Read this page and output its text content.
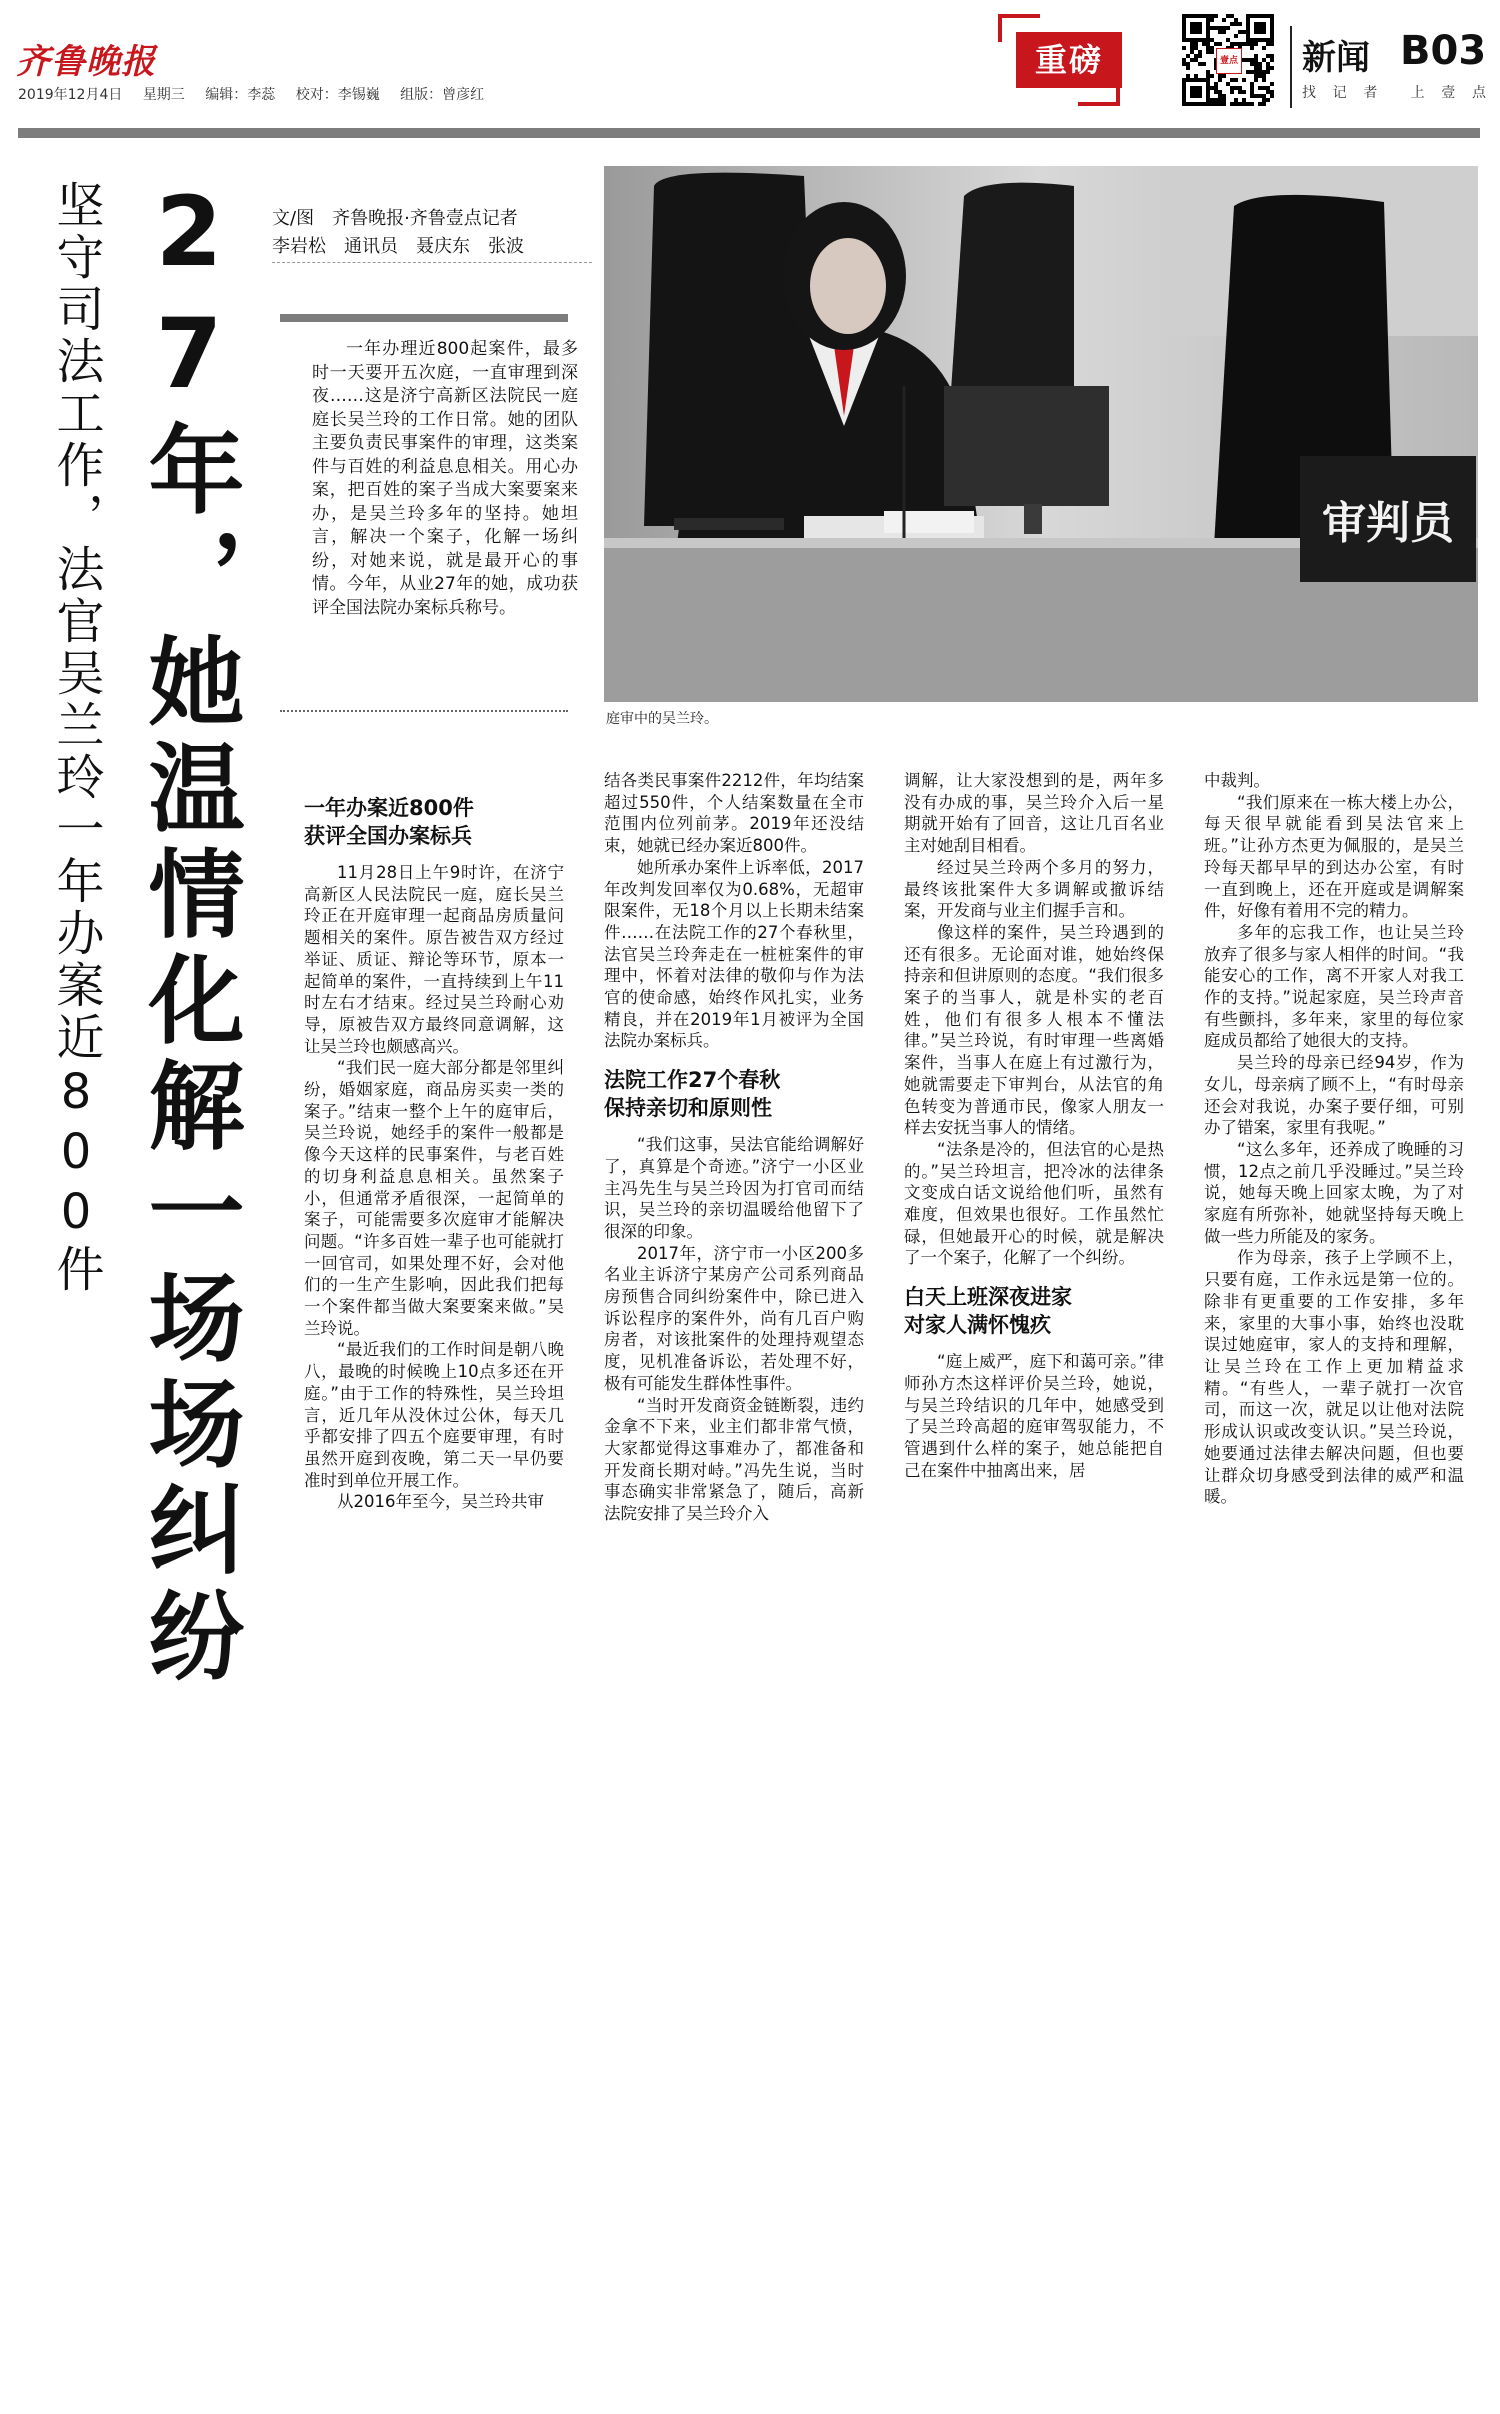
齐鲁晚报
2019年12月4日 星期三 编辑：李蕊 校对：李锡巍 组版：曾彦红
重磅	壹点 新闻 B03
找 记 者 上 壹 点
坚守司法工作，法官吴兰玲一年办案近800件 27年，她温情化解一场场纠纷	文/图　齐鲁晚报·齐鲁壹点记者
李岩松　通讯员　聂庆东　张波
一年办理近800起案件，最多时一天要开五次庭，一直审理到深夜……这是济宁高新区法院民一庭庭长吴兰玲的工作日常。她的团队主要负责民事案件的审理，这类案件与百姓的利益息息相关。用心办案，把百姓的案子当成大案要案来办，是吴兰玲多年的坚持。她坦言，解决一个案子，化解一场纠纷，对她来说，就是最开心的事情。今年，从业27年的她，成功获评全国法院办案标兵称号。
审判员
庭审中的吴兰玲。

一年办案近800件
获评全国办案标兵

11月28日上午9时许，在济宁高新区人民法院民一庭，庭长吴兰玲正在开庭审理一起商品房质量问题相关的案件。原告被告双方经过举证、质证、辩论等环节，原本一起简单的案件，一直持续到上午11时左右才结束。经过吴兰玲耐心劝导，原被告双方最终同意调解，这让吴兰玲也颇感高兴。

“我们民一庭大部分都是邻里纠纷，婚姻家庭，商品房买卖一类的案子。”结束一整个上午的庭审后，吴兰玲说，她经手的案件一般都是像今天这样的民事案件，与老百姓的切身利益息息相关。虽然案子小，但通常矛盾很深，一起简单的案子，可能需要多次庭审才能解决问题。“许多百姓一辈子也可能就打一回官司，如果处理不好，会对他们的一生产生影响，因此我们把每一个案件都当做大案要案来做。”吴兰玲说。

“最近我们的工作时间是朝八晚八，最晚的时候晚上10点多还在开庭。”由于工作的特殊性，吴兰玲坦言，近几年从没休过公休，每天几乎都安排了四五个庭要审理，有时虽然开庭到夜晚，第二天一早仍要准时到单位开展工作。

从2016年至今，吴兰玲共审

结各类民事案件2212件，年均结案超过550件，个人结案数量在全市范围内位列前茅。2019年还没结束，她就已经办案近800件。

她所承办案件上诉率低，2017年改判发回率仅为0.68%，无超审限案件，无18个月以上长期未结案件……在法院工作的27个春秋里，法官吴兰玲奔走在一桩桩案件的审理中，怀着对法律的敬仰与作为法官的使命感，始终作风扎实，业务精良，并在2019年1月被评为全国法院办案标兵。

法院工作27个春秋
保持亲切和原则性

“我们这事，吴法官能给调解好了，真算是个奇迹。”济宁一小区业主冯先生与吴兰玲因为打官司而结识，吴兰玲的亲切温暖给他留下了很深的印象。

2017年，济宁市一小区200多名业主诉济宁某房产公司系列商品房预售合同纠纷案件中，除已进入诉讼程序的案件外，尚有几百户购房者，对该批案件的处理持观望态度，见机准备诉讼，若处理不好，极有可能发生群体性事件。

“当时开发商资金链断裂，违约金拿不下来，业主们都非常气愤，大家都觉得这事难办了，都准备和开发商长期对峙。”冯先生说，当时事态确实非常紧急了，随后，高新法院安排了吴兰玲介入

调解，让大家没想到的是，两年多没有办成的事，吴兰玲介入后一星期就开始有了回音，这让几百名业主对她刮目相看。

经过吴兰玲两个多月的努力，最终该批案件大多调解或撤诉结案，开发商与业主们握手言和。

像这样的案件，吴兰玲遇到的还有很多。无论面对谁，她始终保持亲和但讲原则的态度。“我们很多案子的当事人，就是朴实的老百姓，他们有很多人根本不懂法律。”吴兰玲说，有时审理一些离婚案件，当事人在庭上有过激行为，她就需要走下审判台，从法官的角色转变为普通市民，像家人朋友一样去安抚当事人的情绪。

“法条是冷的，但法官的心是热的。”吴兰玲坦言，把冷冰的法律条文变成白话文说给他们听，虽然有难度，但效果也很好。工作虽然忙碌，但她最开心的时候，就是解决了一个案子，化解了一个纠纷。

白天上班深夜进家
对家人满怀愧疚

“庭上威严，庭下和蔼可亲。”律师孙方杰这样评价吴兰玲，她说，与吴兰玲结识的几年中，她感受到了吴兰玲高超的庭审驾驭能力，不管遇到什么样的案子，她总能把自己在案件中抽离出来，居

中裁判。

“我们原来在一栋大楼上办公，每天很早就能看到吴法官来上班。”让孙方杰更为佩服的，是吴兰玲每天都早早的到达办公室，有时一直到晚上，还在开庭或是调解案件，好像有着用不完的精力。

多年的忘我工作，也让吴兰玲放弃了很多与家人相伴的时间。“我能安心的工作，离不开家人对我工作的支持。”说起家庭，吴兰玲声音有些颤抖，多年来，家里的每位家庭成员都给了她很大的支持。

吴兰玲的母亲已经94岁，作为女儿，母亲病了顾不上，“有时母亲还会对我说，办案子要仔细，可别办了错案，家里有我呢。”

“这么多年，还养成了晚睡的习惯，12点之前几乎没睡过。”吴兰玲说，她每天晚上回家太晚，为了对家庭有所弥补，她就坚持每天晚上做一些力所能及的家务。

作为母亲，孩子上学顾不上，只要有庭，工作永远是第一位的。除非有更重要的工作安排，多年来，家里的大事小事，始终也没耽误过她庭审，家人的支持和理解，让吴兰玲在工作上更加精益求精。“有些人，一辈子就打一次官司，而这一次，就足以让他对法院形成认识或改变认识。”吴兰玲说，她要通过法律去解决问题，但也要让群众切身感受到法律的威严和温暖。
